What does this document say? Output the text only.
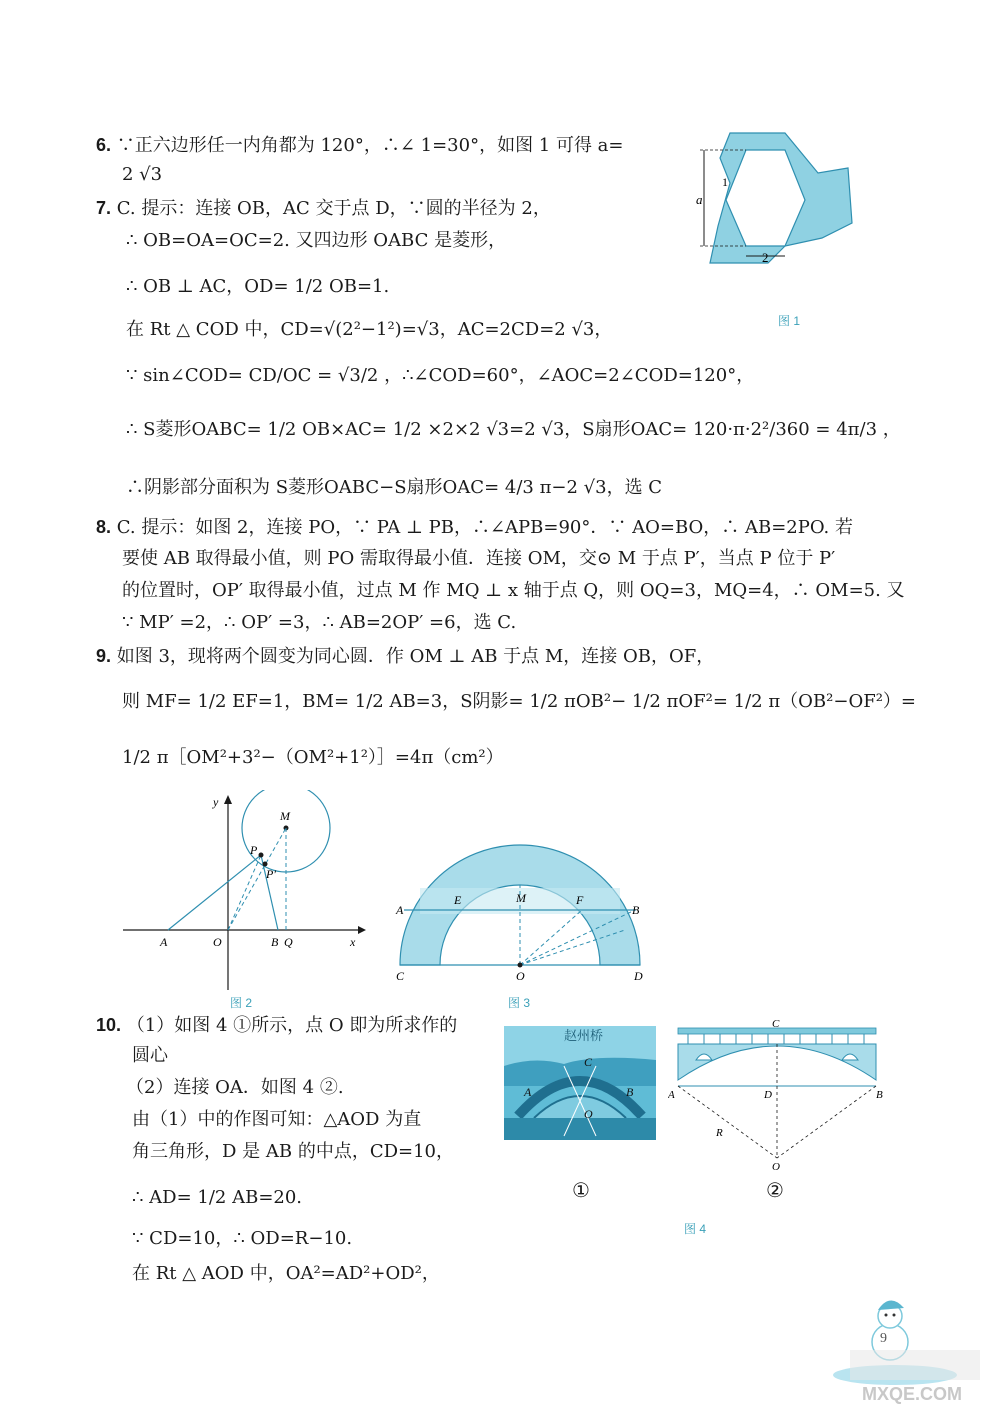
6. ∵正六边形任一内角都为 120°，∴∠ 1=30°，如图 1 可得 a=
2 √3
7. C. 提示：连接 OB，AC 交于点 D，∵圆的半径为 2，
∴ OB=OA=OC=2. 又四边形 OABC 是菱形，
∴ OB ⊥ AC，OD= 1/2 OB=1.
在 Rt △ COD 中，CD=√(2²−1²)=√3，AC=2CD=2 √3，
∵ sin∠COD= CD/OC = √3/2 ，∴∠COD=60°，∠AOC=2∠COD=120°，
∴ S菱形OABC= 1/2 OB×AC= 1/2 ×2×2 √3=2 √3，S扇形OAC= 120·π·2²/360 = 4π/3 ，
∴阴影部分面积为 S菱形OABC−S扇形OAC= 4/3 π−2 √3，选 C
8. C. 提示：如图 2，连接 PO，∵ PA ⊥ PB，∴∠APB=90°．∵ AO=BO，∴ AB=2PO. 若
要使 AB 取得最小值，则 PO 需取得最小值．连接 OM，交⊙ M 于点 P′，当点 P 位于 P′
的位置时，OP′ 取得最小值，过点 M 作 MQ ⊥ x 轴于点 Q，则 OQ=3，MQ=4，∴ OM=5. 又
∵ MP′ =2，∴ OP′ =3，∴ AB=2OP′ =6，选 C.
9. 如图 3，现将两个圆变为同心圆．作 OM ⊥ AB 于点 M，连接 OB，OF，
则 MF= 1/2 EF=1，BM= 1/2 AB=3，S阴影= 1/2 πOB²− 1/2 πOF²= 1/2 π（OB²−OF²）=
1/2 π［OM²+3²−（OM²+1²）］=4π（cm²）
a
1
2
图 1
y
M
P
P′
A	O	B Q	x
图 2
A
E	M	F
B
C	O	D
图 3
10. （1）如图 4 ①所示，点 O 即为所求作的
圆心
（2）连接 OA．如图 4 ②.
由（1）中的作图可知：△AOD 为直
角三角形，D 是 AB 的中点，CD=10，
∴ AD= 1/2 AB=20.
∵ CD=10，∴ OD=R−10.
在 Rt △ AOD 中，OA²=AD²+OD²，
赵州桥
C
A	B
O
①
C
A	D	B
R
O
②
图 4
9
MXQE.COM
